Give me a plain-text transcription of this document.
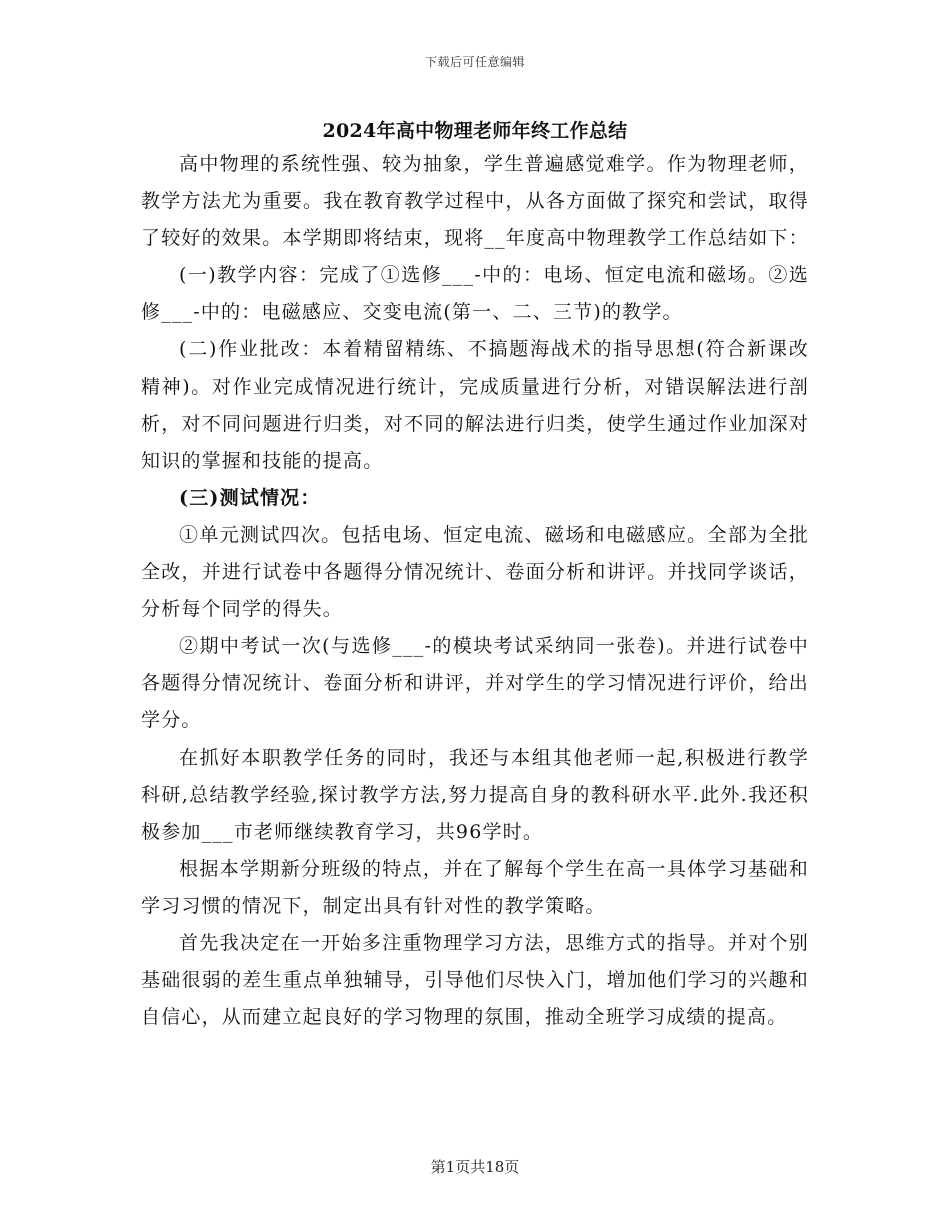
下载后可任意编辑
2024年高中物理老师年终工作总结

高中物理的系统性强、较为抽象，学生普遍感觉难学。作为物理老师，教学方法尤为重要。我在教育教学过程中，从各方面做了探究和尝试，取得了较好的效果。本学期即将结束，现将__年度高中物理教学工作总结如下：

(一)教学内容：完成了①选修___-中的：电场、恒定电流和磁场。②选修___-中的：电磁感应、交变电流(第一、二、三节)的教学。

(二)作业批改：本着精留精练、不搞题海战术的指导思想(符合新课改精神)。对作业完成情况进行统计，完成质量进行分析，对错误解法进行剖析，对不同问题进行归类，对不同的解法进行归类，使学生通过作业加深对知识的掌握和技能的提高。

(三)测试情况：

①单元测试四次。包括电场、恒定电流、磁场和电磁感应。全部为全批全改，并进行试卷中各题得分情况统计、卷面分析和讲评。并找同学谈话，分析每个同学的得失。

②期中考试一次(与选修___-的模块考试采纳同一张卷)。并进行试卷中各题得分情况统计、卷面分析和讲评，并对学生的学习情况进行评价，给出学分。

在抓好本职教学任务的同时，我还与本组其他老师一起,积极进行教学科研,总结教学经验,探讨教学方法,努力提高自身的教科研水平.此外.我还积极参加___市老师继续教育学习，共96学时。

根据本学期新分班级的特点，并在了解每个学生在高一具体学习基础和学习习惯的情况下，制定出具有针对性的教学策略。

首先我决定在一开始多注重物理学习方法，思维方式的指导。并对个别基础很弱的差生重点单独辅导，引导他们尽快入门，增加他们学习的兴趣和自信心，从而建立起良好的学习物理的氛围，推动全班学习成绩的提高。

第1页共18页
